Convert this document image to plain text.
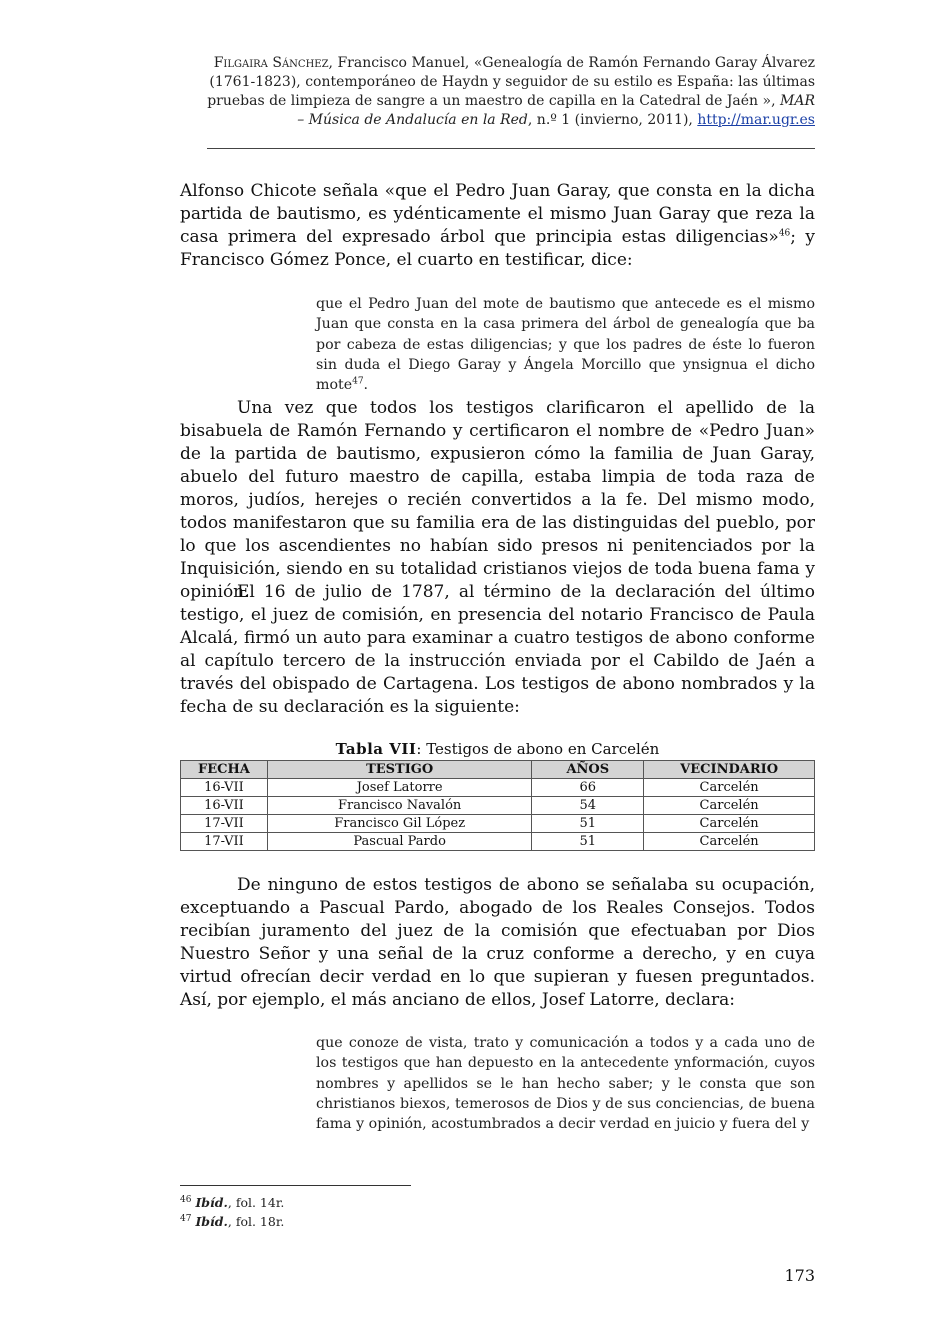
Filgaira Sánchez, Francisco Manuel, «Genealogía de Ramón Fernando Garay Álvarez (1761-1823), contemporáneo de Haydn y seguidor de su estilo es España: las últimas pruebas de limpieza de sangre a un maestro de capilla en la Catedral de Jaén », MAR – Música de Andalucía en la Red, n.º 1 (invierno, 2011), http://mar.ugr.es

Alfonso Chicote señala «que el Pedro Juan Garay, que consta en la dicha partida de bautismo, es ydénticamente el mismo Juan Garay que reza la casa primera del expresado árbol que principia estas diligencias»$^{46}$; y Francisco Gómez Ponce, el cuarto en testificar, dice:

que el Pedro Juan del mote de bautismo que antecede es el mismo Juan que consta en la casa primera del árbol de genealogía que ba por cabeza de estas diligencias; y que los padres de éste lo fueron sin duda el Diego Garay y Ángela Morcillo que ynsignua el dicho mote$^{47}$.

Una vez que todos los testigos clarificaron el apellido de la bisabuela de Ramón Fernando y certificaron el nombre de «Pedro Juan» de la partida de bautismo, expusieron cómo la familia de Juan Garay, abuelo del futuro maestro de capilla, estaba limpia de toda raza de moros, judíos, herejes o recién convertidos a la fe. Del mismo modo, todos manifestaron que su familia era de las distinguidas del pueblo, por lo que los ascendientes no habían sido presos ni penitenciados por la Inquisición, siendo en su totalidad cristianos viejos de toda buena fama y opinión.

El 16 de julio de 1787, al término de la declaración del último testigo, el juez de comisión, en presencia del notario Francisco de Paula Alcalá, firmó un auto para examinar a cuatro testigos de abono conforme al capítulo tercero de la instrucción enviada por el Cabildo de Jaén a través del obispado de Cartagena. Los testigos de abono nombrados y la fecha de su declaración es la siguiente:

Tabla VII: Testigos de abono en Carcelén
FECHA	TESTIGO	AÑOS	VECINDARIO
16-VII	Josef Latorre	66	Carcelén
16-VII	Francisco Navalón	54	Carcelén
17-VII	Francisco Gil López	51	Carcelén
17-VII	Pascual Pardo	51	Carcelén

De ninguno de estos testigos de abono se señalaba su ocupación, exceptuando a Pascual Pardo, abogado de los Reales Consejos. Todos recibían juramento del juez de la comisión que efectuaban por Dios Nuestro Señor y una señal de la cruz conforme a derecho, y en cuya virtud ofrecían decir verdad en lo que supieran y fuesen preguntados. Así, por ejemplo, el más anciano de ellos, Josef Latorre, declara:

que conoze de vista, trato y comunicación a todos y a cada uno de los testigos que han depuesto en la antecedente ynformación, cuyos nombres y apellidos se le han hecho saber; y le consta que son christianos biexos, temerosos de Dios y de sus conciencias, de buena fama y opinión, acostumbrados a decir verdad en juicio y fuera del y

$^{46}$ Ibíd., fol. 14r.
$^{47}$ Ibíd., fol. 18r.
173
